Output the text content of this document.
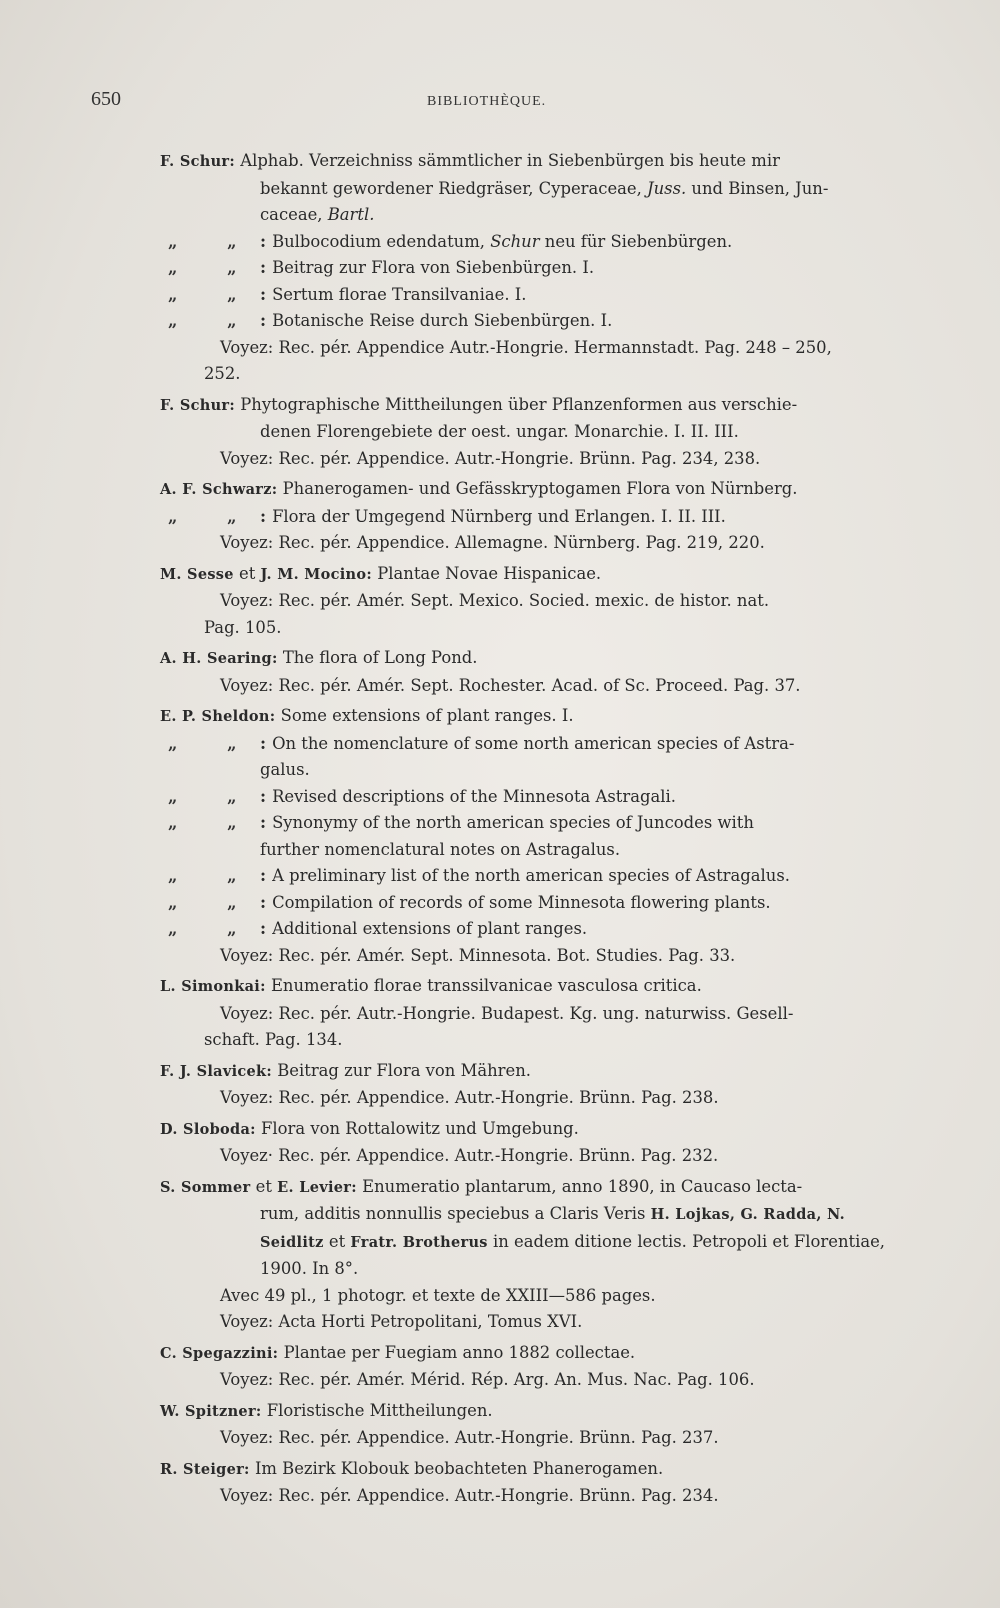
650	BIBLIOTHÈQUE.
F. Schur: Alphab. Verzeichniss sämmtlicher in Siebenbürgen bis heute mir
bekannt gewordener Riedgräser, Cyperaceae, Juss. und Binsen, Jun-
caceae, Bartl.
„ „ : Bulbocodium edendatum, Schur neu für Siebenbürgen.
„ „ : Beitrag zur Flora von Siebenbürgen. I.
„ „ : Sertum florae Transilvaniae. I.
„ „ : Botanische Reise durch Siebenbürgen. I.
Voyez: Rec. pér. Appendice Autr.-Hongrie. Hermannstadt. Pag. 248 – 250,
252.
F. Schur: Phytographische Mittheilungen über Pflanzenformen aus verschie-
denen Florengebiete der oest. ungar. Monarchie. I. II. III.
Voyez: Rec. pér. Appendice. Autr.-Hongrie. Brünn. Pag. 234, 238.
A. F. Schwarz: Phanerogamen- und Gefässkryptogamen Flora von Nürnberg.
„ „ : Flora der Umgegend Nürnberg und Erlangen. I. II. III.
Voyez: Rec. pér. Appendice. Allemagne. Nürnberg. Pag. 219, 220.
M. Sesse et J. M. Mocino: Plantae Novae Hispanicae.
Voyez: Rec. pér. Amér. Sept. Mexico. Socied. mexic. de histor. nat.
Pag. 105.
A. H. Searing: The flora of Long Pond.
Voyez: Rec. pér. Amér. Sept. Rochester. Acad. of Sc. Proceed. Pag. 37.
E. P. Sheldon: Some extensions of plant ranges. I.
„ „ : On the nomenclature of some north american species of Astra-
galus.
„ „ : Revised descriptions of the Minnesota Astragali.
„ „ : Synonymy of the north american species of Juncodes with
further nomenclatural notes on Astragalus.
„ „ : A preliminary list of the north american species of Astragalus.
„ „ : Compilation of records of some Minnesota flowering plants.
„ „ : Additional extensions of plant ranges.
Voyez: Rec. pér. Amér. Sept. Minnesota. Bot. Studies. Pag. 33.
L. Simonkai: Enumeratio florae transsilvanicae vasculosa critica.
Voyez: Rec. pér. Autr.-Hongrie. Budapest. Kg. ung. naturwiss. Gesell-
schaft. Pag. 134.
F. J. Slavicek: Beitrag zur Flora von Mähren.
Voyez: Rec. pér. Appendice. Autr.-Hongrie. Brünn. Pag. 238.
D. Sloboda: Flora von Rottalowitz und Umgebung.
Voyez· Rec. pér. Appendice. Autr.-Hongrie. Brünn. Pag. 232.
S. Sommer et E. Levier: Enumeratio plantarum, anno 1890, in Caucaso lecta-
rum, additis nonnullis speciebus a Claris Veris H. Lojkas, G. Radda, N.
Seidlitz et Fratr. Brotherus in eadem ditione lectis. Petropoli et Florentiae,
1900. In 8°.
Avec 49 pl., 1 photogr. et texte de XXIII—586 pages.
Voyez: Acta Horti Petropolitani, Tomus XVI.
C. Spegazzini: Plantae per Fuegiam anno 1882 collectae.
Voyez: Rec. pér. Amér. Mérid. Rép. Arg. An. Mus. Nac. Pag. 106.
W. Spitzner: Floristische Mittheilungen.
Voyez: Rec. pér. Appendice. Autr.-Hongrie. Brünn. Pag. 237.
R. Steiger: Im Bezirk Klobouk beobachteten Phanerogamen.
Voyez: Rec. pér. Appendice. Autr.-Hongrie. Brünn. Pag. 234.
